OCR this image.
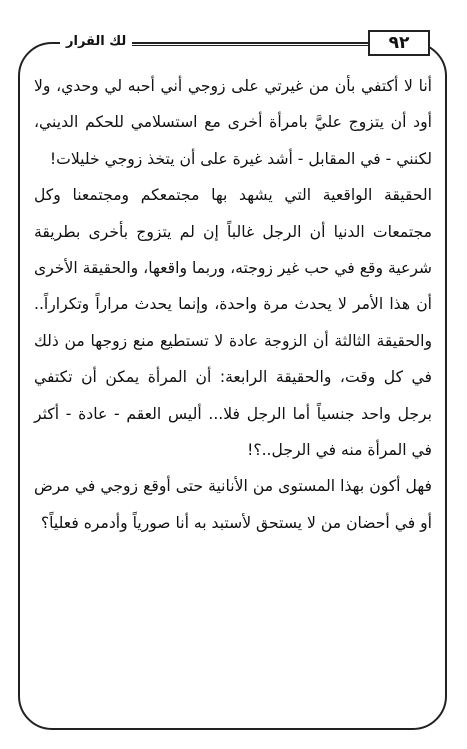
لك القرار	٩٢

أنا لا أكتفي بأن من غيرتي على زوجي أني أحبه لي وحدي، ولا أود أن يتزوج عليَّ بامرأة أخرى مع استسلامي للحكم الديني، لكنني - في المقابل - أشد غيرة على أن يتخذ زوجي خليلات!

الحقيقة الواقعية التي يشهد بها مجتمعكم ومجتمعنا وكل مجتمعات الدنيا أن الرجل غالباً إن لم يتزوج بأخرى بطريقة شرعية وقع في حب غير زوجته، وربما واقعها، والحقيقة الأخرى أن هذا الأمر لا يحدث مرة واحدة، وإنما يحدث مراراً وتكراراً.. والحقيقة الثالثة أن الزوجة عادة لا تستطيع منع زوجها من ذلك في كل وقت، والحقيقة الرابعة: أن المرأة يمكن أن تكتفي برجل واحد جنسياً أما الرجل فلا... أليس العقم - عادة - أكثر في المرأة منه في الرجل..؟!

فهل أكون بهذا المستوى من الأنانية حتى أوقع زوجي في مرض أو في أحضان من لا يستحق لأستبد به أنا صورياً وأدمره فعلياً؟
